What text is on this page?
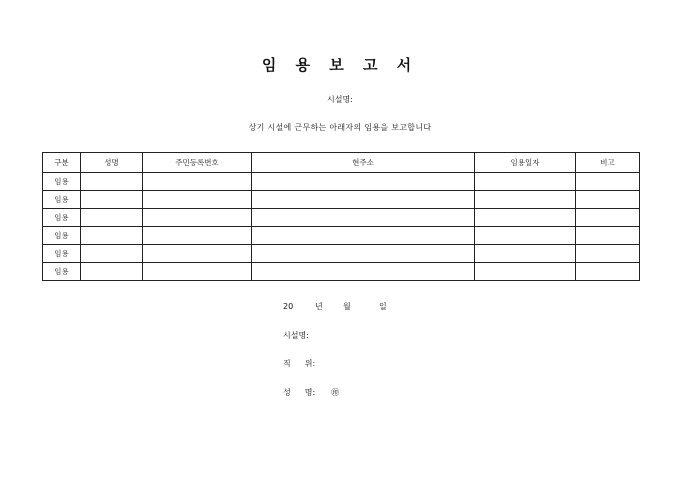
임 용 보 고 서
시설명:
상기 시설에 근무하는 아래자의 임용을 보고합니다
구분	성명	주민등록번호	현주소	임용일자	비고
임용					
임용					
임용					
임용					
임용					
임용					
20	년	월	일
시설명:
직 위:
성 명: ㊞
